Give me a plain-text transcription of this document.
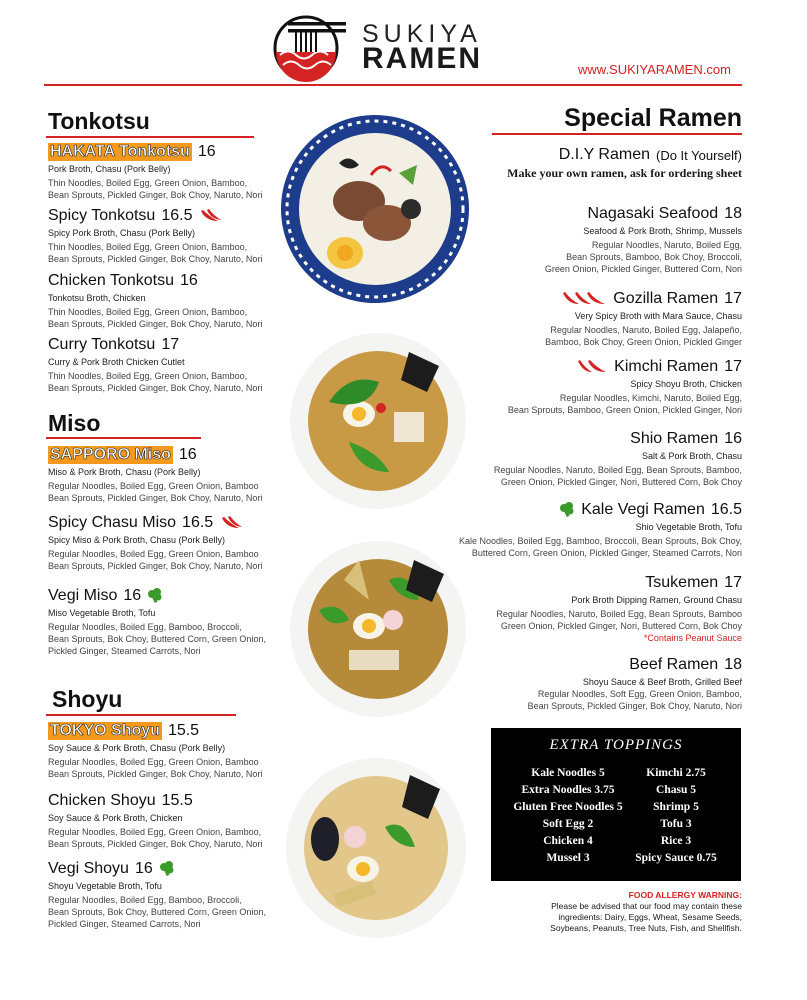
SUKIYA
RAMEN	www.SUKIYARAMEN.com
Tonkotsu
HAKATA Tonkotsu 16
Pork Broth, Chasu (Pork Belly)
Thin Noodles, Boiled Egg, Green Onion, Bamboo,
Bean Sprouts, Pickled Ginger, Bok Choy, Naruto, Nori
Spicy Tonkotsu 16.5
Spicy Pork Broth, Chasu (Pork Belly)
Thin Noodles, Boiled Egg, Green Onion, Bamboo,
Bean Sprouts, Pickled Ginger, Bok Choy, Naruto, Nori
Chicken Tonkotsu 16
Tonkotsu Broth, Chicken
Thin Noodles, Boiled Egg, Green Onion, Bamboo,
Bean Sprouts, Pickled Ginger, Bok Choy, Naruto, Nori
Curry Tonkotsu 17
Curry & Pork Broth Chicken Cutlet
Thin Noodles, Boiled Egg, Green Onion, Bamboo,
Bean Sprouts, Pickled Ginger, Bok Choy, Naruto, Nori
Miso
SAPPORO Miso 16
Miso & Pork Broth, Chasu (Pork Belly)
Regular Noodles, Boiled Egg, Green Onion, Bamboo
Bean Sprouts, Pickled Ginger, Bok Choy, Naruto, Nori
Spicy Chasu Miso 16.5
Spicy Miso & Pork Broth, Chasu (Pork Belly)
Regular Noodles, Boiled Egg, Green Onion, Bamboo
Bean Sprouts, Pickled Ginger, Bok Choy, Naruto, Nori
Vegi Miso 16
Miso Vegetable Broth, Tofu
Regular Noodles, Boiled Egg, Bamboo, Broccoli,
Bean Sprouts, Bok Choy, Buttered Corn, Green Onion,
Pickled Ginger, Steamed Carrots, Nori
Shoyu
TOKYO Shoyu 15.5
Soy Sauce & Pork Broth, Chasu (Pork Belly)
Regular Noodles, Boiled Egg, Green Onion, Bamboo
Bean Sprouts, Pickled Ginger, Bok Choy, Naruto, Nori
Chicken Shoyu 15.5
Soy Sauce & Pork Broth, Chicken
Regular Noodles, Boiled Egg, Green Onion, Bamboo,
Bean Sprouts, Pickled Ginger, Bok Choy, Naruto, Nori
Vegi Shoyu 16
Shoyu Vegetable Broth, Tofu
Regular Noodles, Boiled Egg, Bamboo, Broccoli,
Bean Sprouts, Bok Choy, Buttered Corn, Green Onion,
Pickled Ginger, Steamed Carrots, Nori
Special Ramen
D.I.Y Ramen (Do It Yourself)
Make your own ramen, ask for ordering sheet
Nagasaki Seafood 18
Seafood & Pork Broth, Shrimp, Mussels
Regular Noodles, Naruto, Boiled Egg,
Bean Sprouts, Bamboo, Bok Choy, Broccoli,
Green Onion, Pickled Ginger, Buttered Corn, Nori
Gozilla Ramen 17
Very Spicy Broth with Mara Sauce, Chasu
Regular Noodles, Naruto, Boiled Egg, Jalapeño,
Bamboo, Bok Choy, Green Onion, Pickled Ginger
Kimchi Ramen 17
Spicy Shoyu Broth, Chicken
Regular Noodles, Kimchi, Naruto, Boiled Egg,
Bean Sprouts, Bamboo, Green Onion, Pickled Ginger, Nori
Shio Ramen 16
Salt & Pork Broth, Chasu
Regular Noodles, Naruto, Boiled Egg, Bean Sprouts, Bamboo,
Green Onion, Pickled Ginger, Nori, Buttered Corn, Bok Choy
Kale Vegi Ramen 16.5
Shio Vegetable Broth, Tofu
Kale Noodles, Boiled Egg, Bamboo, Broccoli, Bean Sprouts, Bok Choy,
Buttered Corn, Green Onion, Pickled Ginger, Steamed Carrots, Nori
Tsukemen 17
Pork Broth Dipping Ramen, Ground Chasu
Regular Noodles, Naruto, Boiled Egg, Bean Sprouts, Bamboo
Green Onion, Pickled Ginger, Nori, Buttered Corn, Bok Choy
*Contains Peanut Sauce
Beef Ramen 18
Shoyu Sauce & Beef Broth, Grilled Beef
Regular Noodles, Soft Egg, Green Onion, Bamboo,
Bean Sprouts, Pickled Ginger, Bok Choy, Naruto, Nori
EXTRA TOPPINGS
Kale Noodles 5
Extra Noodles 3.75
Gluten Free Noodles 5
Soft Egg 2
Chicken 4
Mussel 3
Kimchi 2.75
Chasu 5
Shrimp 5
Tofu 3
Rice 3
Spicy Sauce 0.75
FOOD ALLERGY WARNING:
Please be advised that our food may contain these
ingredients: Dairy, Eggs, Wheat, Sesame Seeds,
Soybeans, Peanuts, Tree Nuts, Fish, and Shellfish.
